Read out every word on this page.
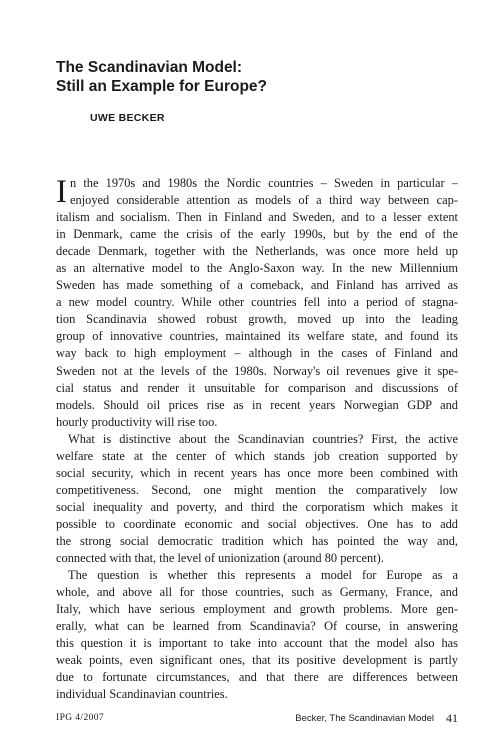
The Scandinavian Model:
Still an Example for Europe?
UWE BECKER
I n the 1970s and 1980s the Nordic countries – Sweden in particular –
enjoyed considerable attention as models of a third way between cap-
italism and socialism. Then in Finland and Sweden, and to a lesser extent
in Denmark, came the crisis of the early 1990s, but by the end of the
decade Denmark, together with the Netherlands, was once more held up
as an alternative model to the Anglo-Saxon way. In the new Millennium
Sweden has made something of a comeback, and Finland has arrived as
a new model country. While other countries fell into a period of stagna-
tion Scandinavia showed robust growth, moved up into the leading
group of innovative countries, maintained its welfare state, and found its
way back to high employment – although in the cases of Finland and
Sweden not at the levels of the 1980s. Norway's oil revenues give it spe-
cial status and render it unsuitable for comparison and discussions of
models. Should oil prices rise as in recent years Norwegian GDP and
hourly productivity will rise too.
What is distinctive about the Scandinavian countries? First, the active
welfare state at the center of which stands job creation supported by
social security, which in recent years has once more been combined with
competitiveness. Second, one might mention the comparatively low
social inequality and poverty, and third the corporatism which makes it
possible to coordinate economic and social objectives. One has to add
the strong social democratic tradition which has pointed the way and,
connected with that, the level of unionization (around 80 percent).
The question is whether this represents a model for Europe as a
whole, and above all for those countries, such as Germany, France, and
Italy, which have serious employment and growth problems. More gen-
erally, what can be learned from Scandinavia? Of course, in answering
this question it is important to take into account that the model also has
weak points, even significant ones, that its positive development is partly
due to fortunate circumstances, and that there are differences between
individual Scandinavian countries.
IPG 4/2007	Becker, The Scandinavian Model 41
